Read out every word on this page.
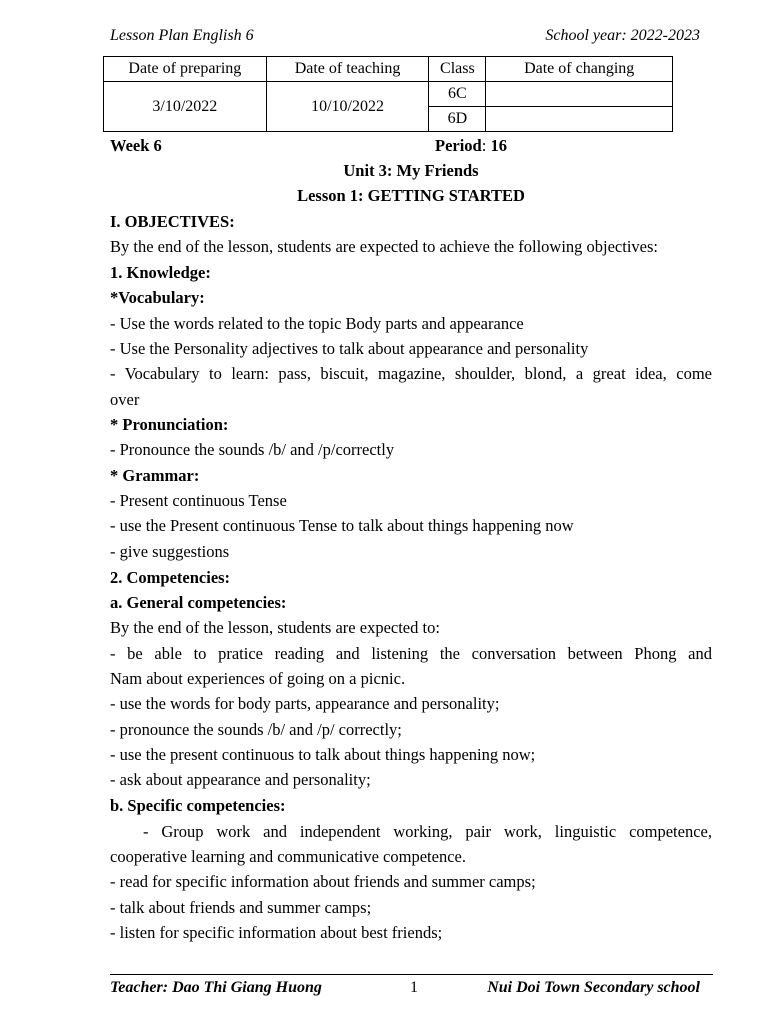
Lesson Plan English 6	School year: 2022-2023
Date of preparing	Date of teaching	Class	Date of changing
3/10/2022	10/10/2022	6C	
		6D	
Week 6	Period: 16
Unit 3: My Friends
Lesson 1: GETTING STARTED
I. OBJECTIVES:
By the end of the lesson, students are expected to achieve the following objectives:
1. Knowledge:
*Vocabulary:
- Use the words related to the topic Body parts and appearance
- Use the Personality adjectives to talk about appearance and personality
- Vocabulary to learn: pass, biscuit, magazine, shoulder, blond, a great idea, come
over
* Pronunciation:
- Pronounce the sounds /b/ and /p/correctly
* Grammar:
- Present continuous Tense
- use the Present continuous Tense to talk about things happening now
- give suggestions
2. Competencies:
a. General competencies:
By the end of the lesson, students are expected to:
- be able to pratice reading and listening the conversation between Phong and
Nam about experiences of going on a picnic.
- use the words for body parts, appearance and personality;
- pronounce the sounds /b/ and /p/ correctly;
- use the present continuous to talk about things happening now;
- ask about appearance and personality;
b. Specific competencies:
- Group work and independent working, pair work, linguistic competence,
cooperative learning and communicative competence.
- read for specific information about friends and summer camps;
- talk about friends and summer camps;
- listen for specific information about best friends;
Teacher: Dao Thi Giang Huong	1	Nui Doi Town Secondary school
